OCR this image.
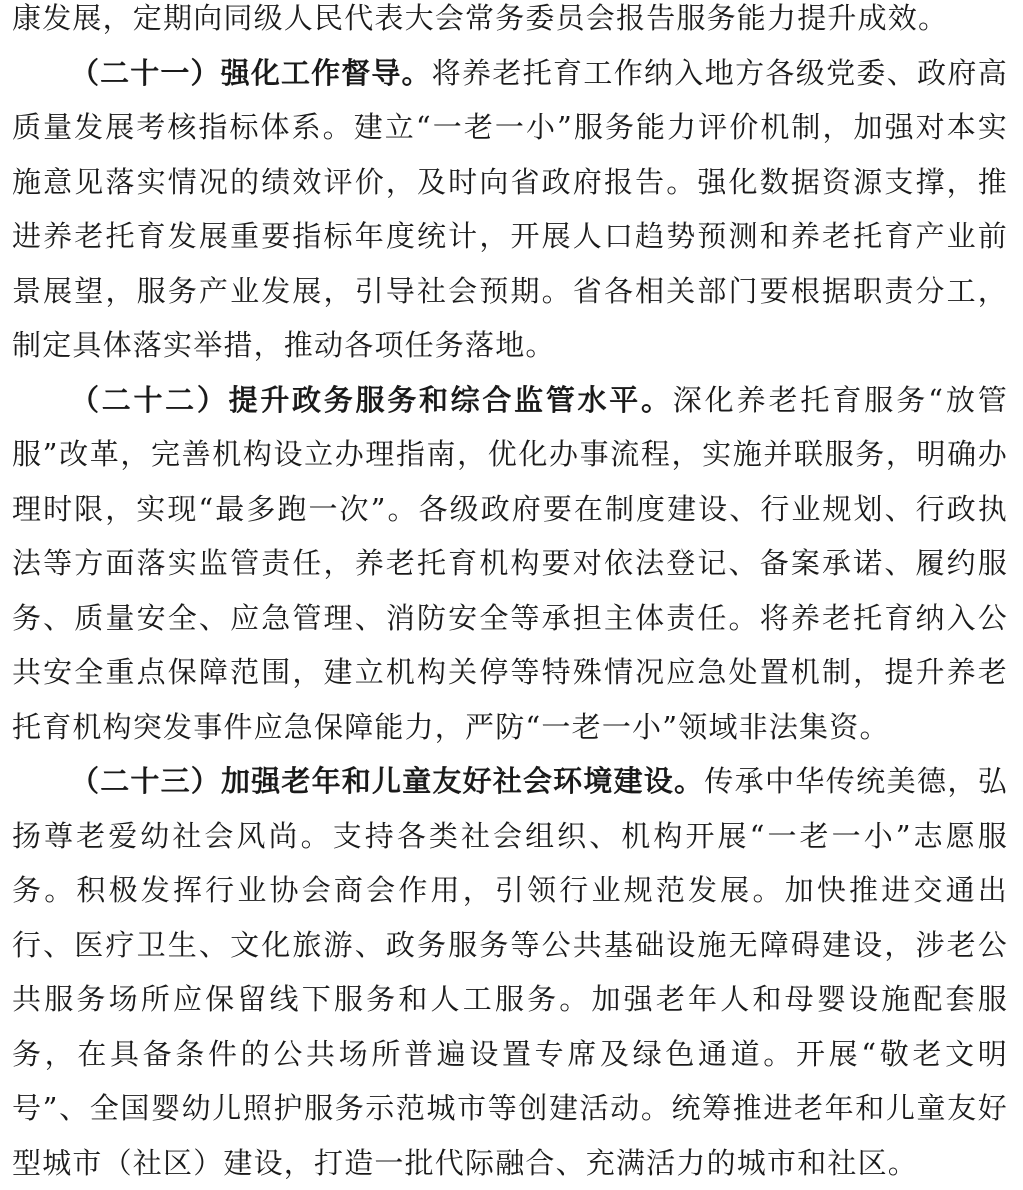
康发展，定期向同级人民代表大会常务委员会报告服务能力提升成效。

（二十一）强化工作督导。将养老托育工作纳入地方各级党委、政府高质量发展考核指标体系。建立“一老一小”服务能力评价机制，加强对本实施意见落实情况的绩效评价，及时向省政府报告。强化数据资源支撑，推进养老托育发展重要指标年度统计，开展人口趋势预测和养老托育产业前景展望，服务产业发展，引导社会预期。省各相关部门要根据职责分工，制定具体落实举措，推动各项任务落地。

（二十二）提升政务服务和综合监管水平。深化养老托育服务“放管服”改革，完善机构设立办理指南，优化办事流程，实施并联服务，明确办理时限，实现“最多跑一次”。各级政府要在制度建设、行业规划、行政执法等方面落实监管责任，养老托育机构要对依法登记、备案承诺、履约服务、质量安全、应急管理、消防安全等承担主体责任。将养老托育纳入公共安全重点保障范围，建立机构关停等特殊情况应急处置机制，提升养老托育机构突发事件应急保障能力，严防“一老一小”领域非法集资。

（二十三）加强老年和儿童友好社会环境建设。传承中华传统美德，弘扬尊老爱幼社会风尚。支持各类社会组织、机构开展“一老一小”志愿服务。积极发挥行业协会商会作用，引领行业规范发展。加快推进交通出行、医疗卫生、文化旅游、政务服务等公共基础设施无障碍建设，涉老公共服务场所应保留线下服务和人工服务。加强老年人和母婴设施配套服务，在具备条件的公共场所普遍设置专席及绿色通道。开展“敬老文明号”、全国婴幼儿照护服务示范城市等创建活动。统筹推进老年和儿童友好型城市（社区）建设，打造一批代际融合、充满活力的城市和社区。
